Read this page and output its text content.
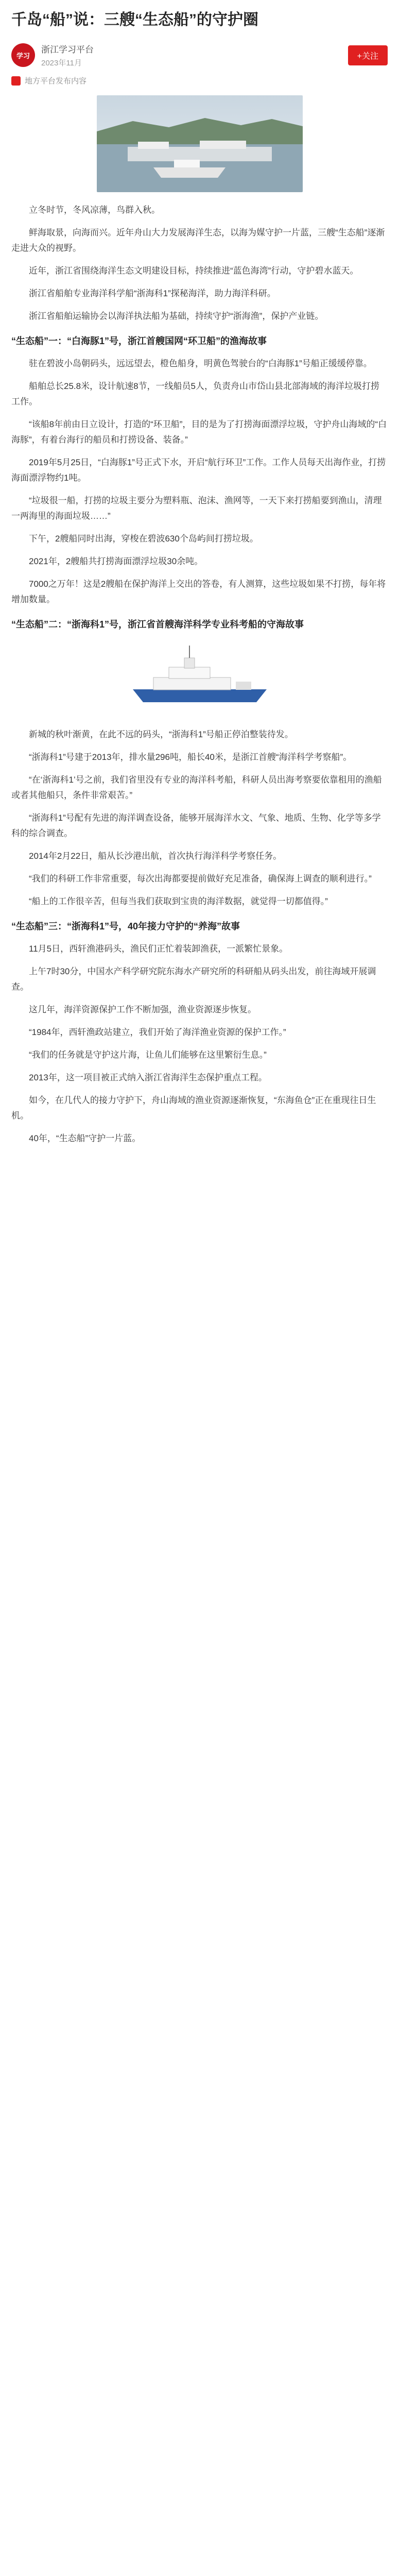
千岛“船”说：三艘“生态船”的守护圈
学习
浙江学习平台
2023年11月
+关注
地方平台发布内容

立冬时节，冬风凉薄，鸟群入秋。

鲜海取景，向海而兴。近年舟山大力发展海洋生态，以海为媒守护一片蓝，三艘“生态船”逐渐走进大众的视野。

近年，浙江省围绕海洋生态文明建设目标，持续推进“蓝色海湾”行动，守护碧水蓝天。

浙江省船舶专业海洋科学船“浙海科1”探秘海洋，助力海洋科研。

浙江省船舶运输协会以海洋执法船为基础，持续守护“浙海渔”，保护产业链。

“生态船”一：“白海豚1”号，浙江首艘国网“环卫船”的渔海故事

驻在碧波小岛朝码头，远远望去，橙色船身，明黄色驾驶台的“白海豚1”号船正缓缓停靠。

船舶总长25.8米，设计航速8节，一线船员5人，负责舟山市岱山县北部海域的海洋垃圾打捞工作。

“该船8年前由日立设计，打造的“环卫船”，目的是为了打捞海面漂浮垃圾，守护舟山海域的“白海豚”，有着台海行的船员和打捞设备、装备。”

2019年5月25日，“白海豚1”号正式下水，开启“航行环卫”工作。工作人员每天出海作业，打捞海面漂浮物约1吨。

“垃圾很一船，打捞的垃圾主要分为塑料瓶、泡沫、渔网等，一天下来打捞船要到渔山，清理一两海里的海面垃圾……”

下午，2艘船同时出海，穿梭在碧波630个岛屿间打捞垃圾。

2021年，2艘船共打捞海面漂浮垃圾30余吨。

7000之万年！这是2艘船在保护海洋上交出的答卷，有人测算，这些垃圾如果不打捞，每年将增加数量。

“生态船”二：“浙海科1”号，浙江省首艘海洋科学专业科考船的守海故事

新城的秋叶渐黄，在此不远的码头，“浙海科1”号船正停泊整装待发。

“浙海科1”号建于2013年，排水量296吨，船长40米，是浙江首艘“海洋科学考察船”。

“在‘浙海科1’号之前，我们省里没有专业的海洋科考船，科研人员出海考察要依靠租用的渔船或者其他船只，条件非常艰苦。”

“浙海科1”号配有先进的海洋调查设备，能够开展海洋水文、气象、地质、生物、化学等多学科的综合调查。

2014年2月22日，船从长沙港出航，首次执行海洋科学考察任务。

“我们的科研工作非常重要，每次出海都要提前做好充足准备，确保海上调查的顺利进行。”

“船上的工作很辛苦，但每当我们获取到宝贵的海洋数据，就觉得一切都值得。”

“生态船”三：“浙海科1”号，40年接力守护的“养海”故事

11月5日，西轩渔港码头，渔民们正忙着装卸渔获，一派繁忙景象。

上午7时30分，中国水产科学研究院东海水产研究所的科研船从码头出发，前往海域开展调查。

这几年，海洋资源保护工作不断加强，渔业资源逐步恢复。

“1984年，西轩渔政站建立，我们开始了海洋渔业资源的保护工作。”

“我们的任务就是守护这片海，让鱼儿们能够在这里繁衍生息。”

2013年，这一项目被正式纳入浙江省海洋生态保护重点工程。

如今，在几代人的接力守护下，舟山海域的渔业资源逐渐恢复，“东海鱼仓”正在重现往日生机。

40年，“生态船”守护一片蓝。
